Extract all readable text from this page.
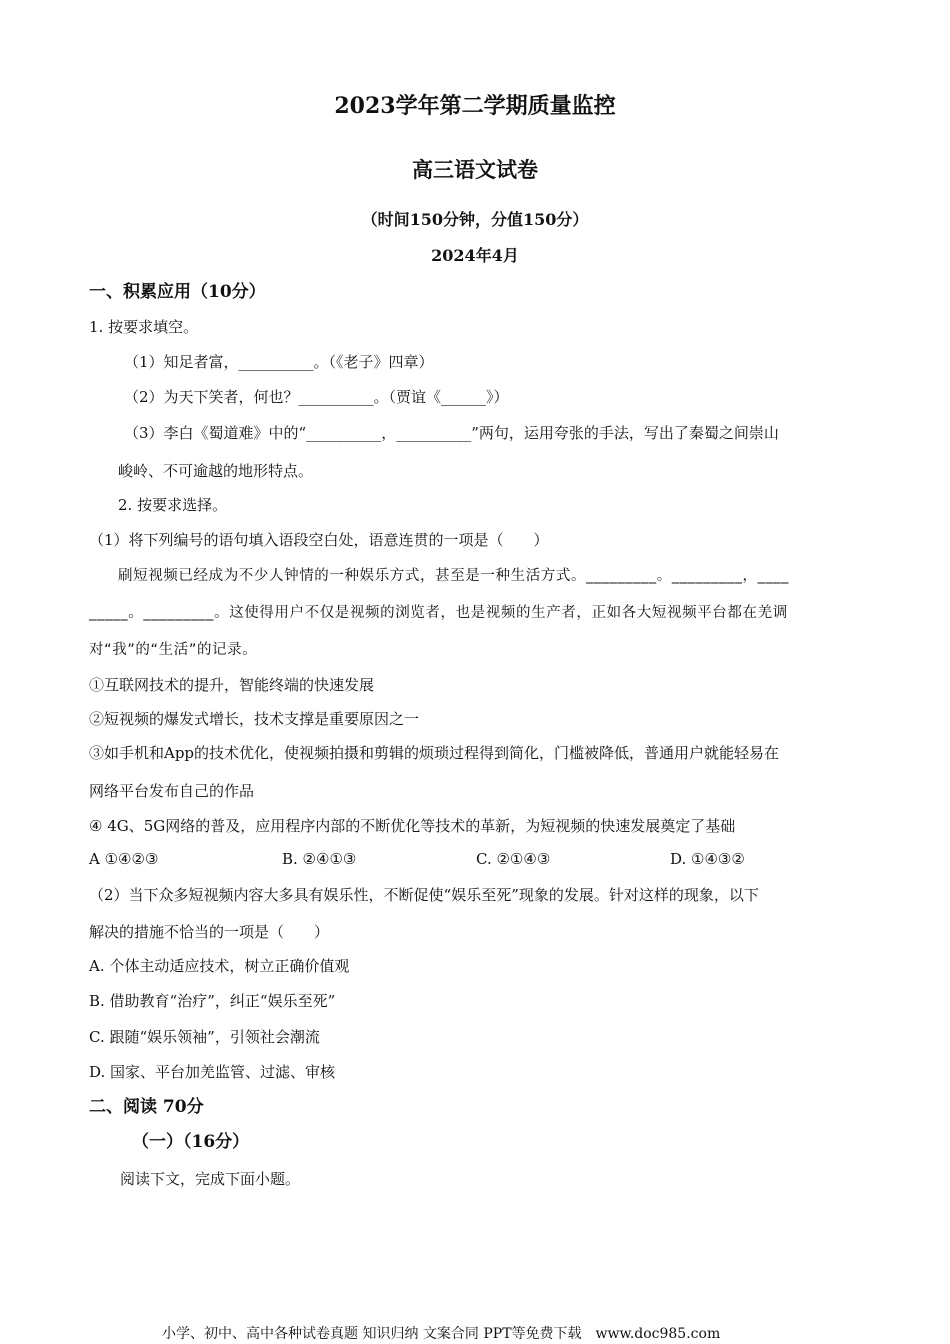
2023学年第二学期质量监控
高三语文试卷
（时间150分钟，分值150分）
2024年4月
一、积累应用（10分）
1. 按要求填空。
（1）知足者富，__________。（《老子》四章）
（2）为天下笑者，何也？__________。（贾谊《______》）
（3）李白《蜀道难》中的“__________，__________”两句，运用夸张的手法，写出了秦蜀之间崇山
峻岭、不可逾越的地形特点。
2. 按要求选择。
（1）将下列编号的语句填入语段空白处，语意连贯的一项是（　　）
刷短视频已经成为不少人钟情的一种娱乐方式，甚至是一种生活方式。_________。_________，____
_____。_________。这使得用户不仅是视频的浏览者，也是视频的生产者，正如各大短视频平台都在羌调
对“我”的“生活”的记录。
①互联网技术的提升，智能终端的快速发展
②短视频的爆发式增长，技术支撑是重要原因之一
③如手机和App的技术优化，使视频拍摄和剪辑的烦琐过程得到简化，门槛被降低，普通用户就能轻易在
网络平台发布自己的作品
④ 4G、5G网络的普及，应用程序内部的不断优化等技术的革新，为短视频的快速发展奠定了基础
A ①④②③	B. ②④①③	C. ②①④③	D. ①④③②
（2）当下众多短视频内容大多具有娱乐性，不断促使“娱乐至死”现象的发展。针对这样的现象，以下
解决的措施不恰当的一项是（　　）
A. 个体主动适应技术，树立正确价值观
B. 借助教育“治疗”，纠正“娱乐至死”
C. 跟随“娱乐领袖”，引领社会潮流
D. 国家、平台加羌监管、过滤、审核
二、阅读 70分
（一）（16分）
阅读下文，完成下面小题。
小学、初中、高中各种试卷真题 知识归纳 文案合同 PPT等免费下载　www.doc985.com
